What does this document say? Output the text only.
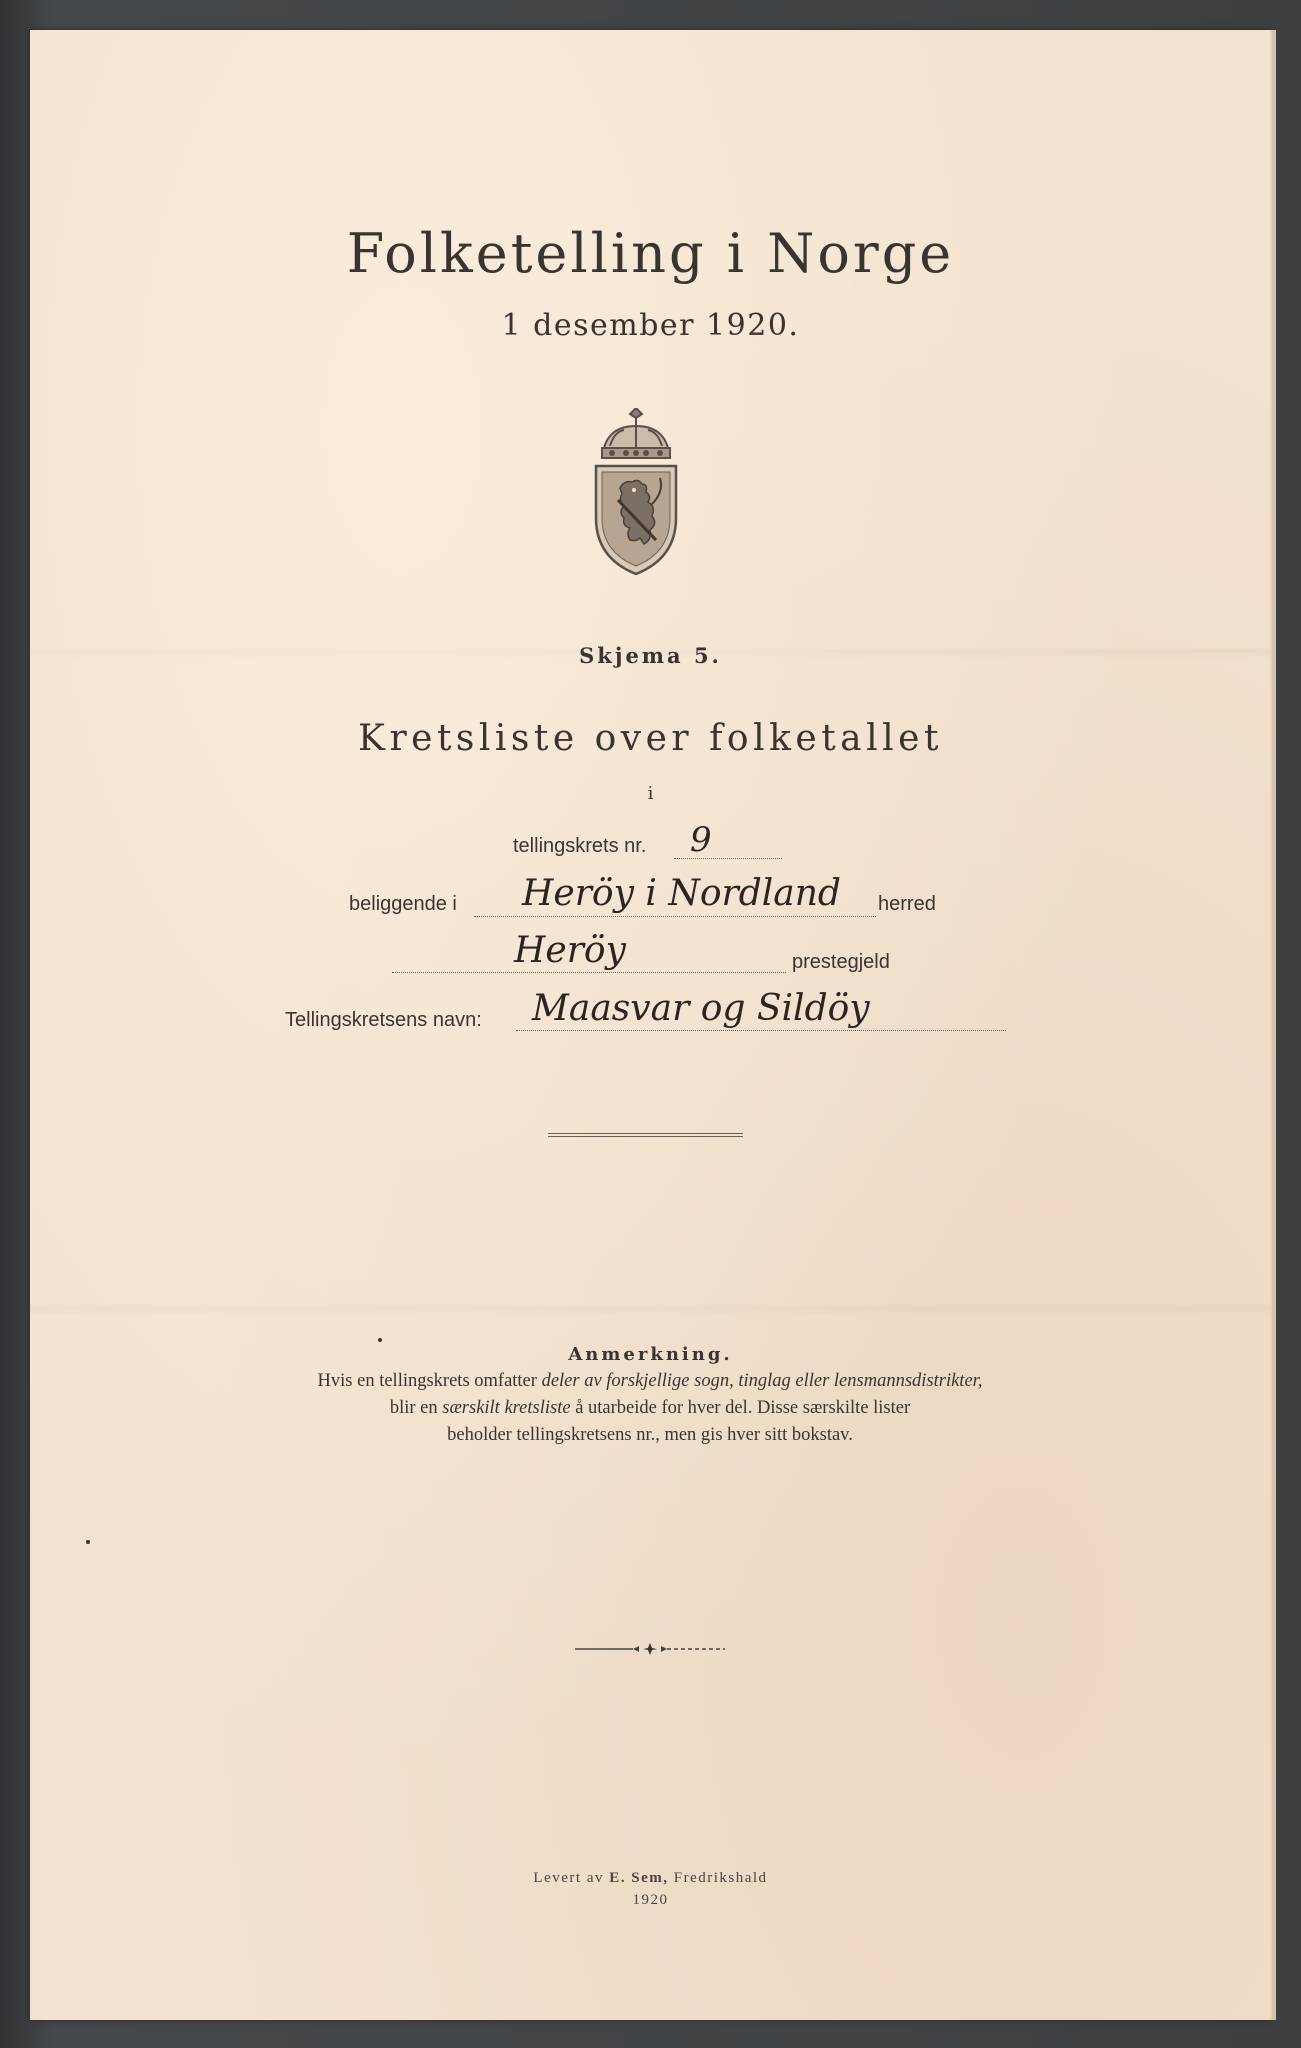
Folketelling i Norge
1 desember 1920.
Skjema 5.
Kretsliste over folketallet
i
tellingskrets nr. 9
beliggende i Heröy i Nordland herred
Heröy	prestegjeld
Tellingskretsens navn: Maasvar og Sildöy
Anmerkning.
Hvis en tellingskrets omfatter deler av forskjellige sogn, tinglag eller lensmannsdistrikter,
blir en særskilt kretsliste å utarbeide for hver del. Disse særskilte lister
beholder tellingskretsens nr., men gis hver sitt bokstav.
Levert av E. Sem, Fredrikshald
1920
